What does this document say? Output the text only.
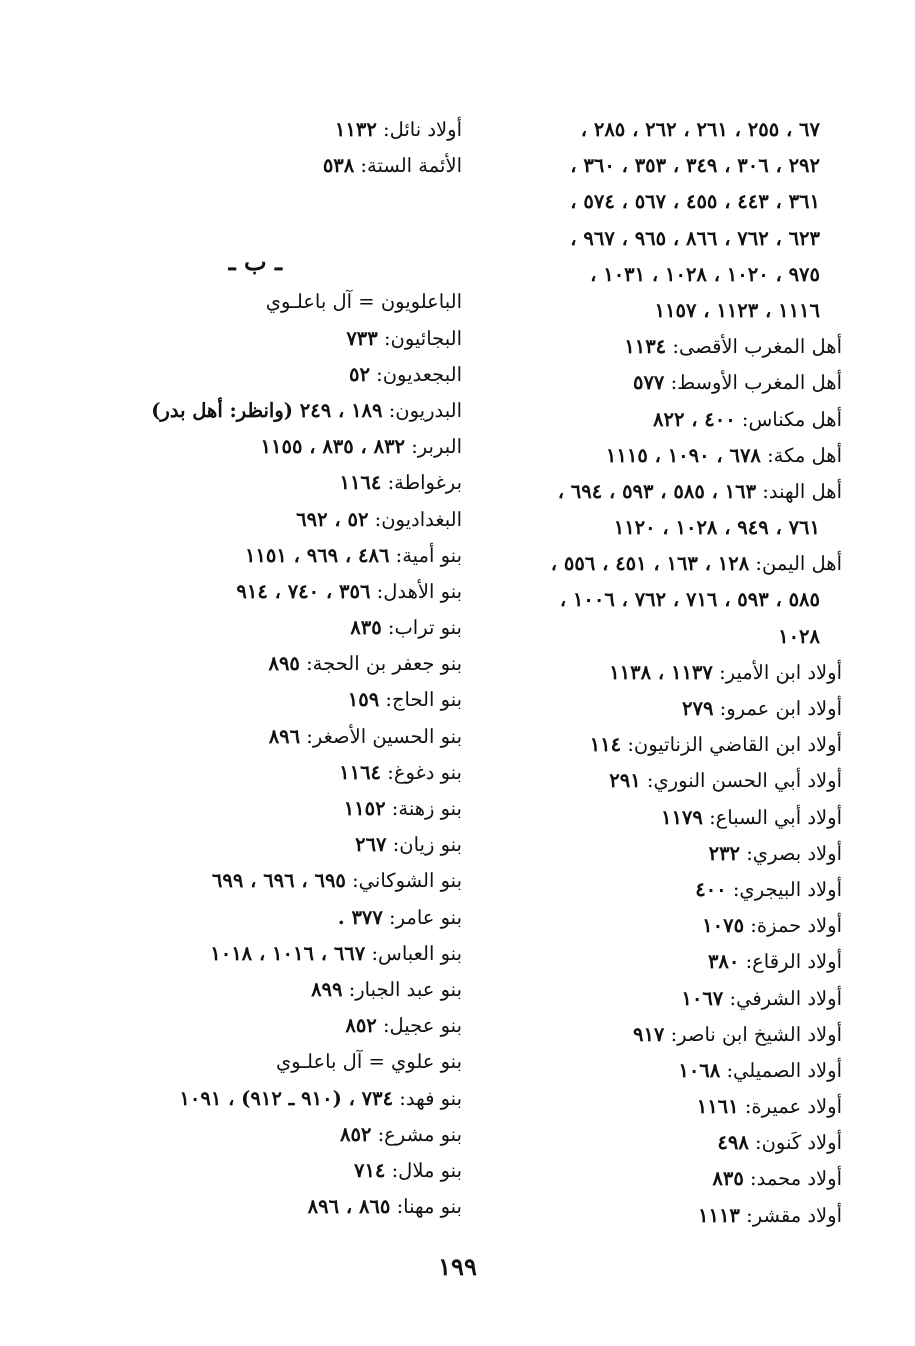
٦٧ ، ٢٥٥ ، ٢٦١ ، ٢٦٢ ، ٢٨٥ ،
٢٩٢ ، ٣٠٦ ، ٣٤٩ ، ٣٥٣ ، ٣٦٠ ،
٣٦١ ، ٤٤٣ ، ٤٥٥ ، ٥٦٧ ، ٥٧٤ ،
٦٢٣ ، ٧٦٢ ، ٨٦٦ ، ٩٦٥ ، ٩٦٧ ،
٩٧٥ ، ١٠٢٠ ، ١٠٢٨ ، ١٠٣١ ،
١١١٦ ، ١١٢٣ ، ١١٥٧
أهل المغرب الأقصى: ١١٣٤
أهل المغرب الأوسط: ٥٧٧
أهل مكناس: ٤٠٠ ، ٨٢٢
أهل مكة: ٦٧٨ ، ١٠٩٠ ، ١١١٥
أهل الهند: ١٦٣ ، ٥٨٥ ، ٥٩٣ ، ٦٩٤ ،
٧٦١ ، ٩٤٩ ، ١٠٢٨ ، ١١٢٠
أهل اليمن: ١٢٨ ، ١٦٣ ، ٤٥١ ، ٥٥٦ ،
٥٨٥ ، ٥٩٣ ، ٧١٦ ، ٧٦٢ ، ١٠٠٦ ،
١٠٢٨
أولاد ابن الأمير: ١١٣٧ ، ١١٣٨
أولاد ابن عمرو: ٢٧٩
أولاد ابن القاضي الزناتيون: ١١٤
أولاد أبي الحسن النوري: ٢٩١
أولاد أبي السباع: ١١٧٩
أولاد بصري: ٢٣٢
أولاد البيجري: ٤٠٠
أولاد حمزة: ١٠٧٥
أولاد الرقاع: ٣٨٠
أولاد الشرفي: ١٠٦٧
أولاد الشيخ ابن ناصر: ٩١٧
أولاد الصميلي: ١٠٦٨
أولاد عميرة: ١١٦١
أولاد كَنون: ٤٩٨
أولاد محمد: ٨٣٥
أولاد مقشر: ١١١٣
أولاد نائل: ١١٣٢
الأئمة الستة: ٥٣٨
ـ ب ـ
الباعلويون = آل باعلـوي
البجائيون: ٧٣٣
البجعديون: ٥٢
البدريون: ١٨٩ ، ٢٤٩ (وانظر: أهل بدر)
البربر: ٨٣٢ ، ٨٣٥ ، ١١٥٥
برغواطة: ١١٦٤
البغداديون: ٥٢ ، ٦٩٢
بنو أمية: ٤٨٦ ، ٩٦٩ ، ١١٥١
بنو الأهدل: ٣٥٦ ، ٧٤٠ ، ٩١٤
بنو تراب: ٨٣٥
بنو جعفر بن الحجة: ٨٩٥
بنو الحاج: ١٥٩
بنو الحسين الأصغر: ٨٩٦
بنو دغوغ: ١١٦٤
بنو زهنة: ١١٥٢
بنو زيان: ٢٦٧
بنو الشوكاني: ٦٩٥ ، ٦٩٦ ، ٦٩٩
بنو عامر: ٣٧٧ .
بنو العباس: ٦٦٧ ، ١٠١٦ ، ١٠١٨
بنو عبد الجبار: ٨٩٩
بنو عجيل: ٨٥٢
بنو علوي = آل باعلـوي
بنو فهد: ٧٣٤ ، (٩١٠ ـ ٩١٢) ، ١٠٩١
بنو مشرع: ٨٥٢
بنو ملال: ٧١٤
بنو مهنا: ٨٦٥ ، ٨٩٦
١٩٩
